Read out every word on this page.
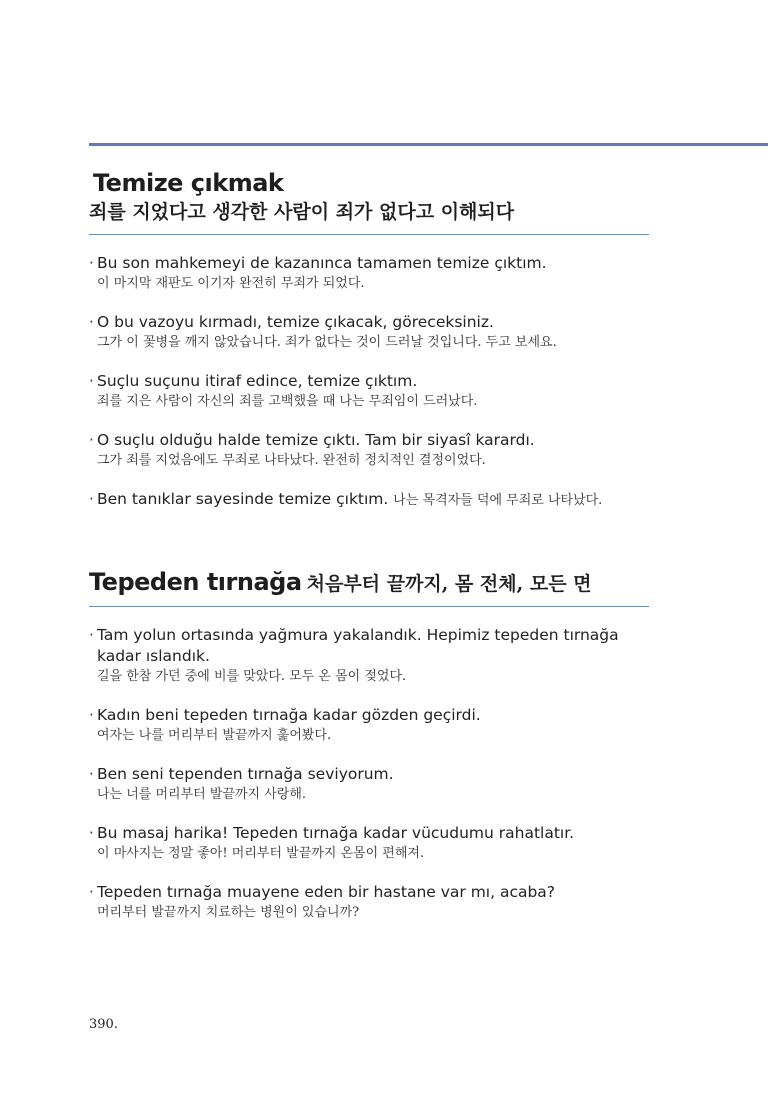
Temize çıkmak
죄를 지었다고 생각한 사람이 죄가 없다고 이해되다
· Bu son mahkemeyi de kazanınca tamamen temize çıktım.
이 마지막 재판도 이기자 완전히 무죄가 되었다.
· O bu vazoyu kırmadı, temize çıkacak, göreceksiniz.
그가 이 꽃병을 깨지 않았습니다. 죄가 없다는 것이 드러날 것입니다. 두고 보세요.
· Suçlu suçunu itiraf edince, temize çıktım.
죄를 지은 사람이 자신의 죄를 고백했을 때 나는 무죄임이 드러났다.
· O suçlu olduğu halde temize çıktı. Tam bir siyasî karardı.
그가 죄를 지었음에도 무죄로 나타났다. 완전히 정치적인 결정이었다.
· Ben tanıklar sayesinde temize çıktım. 나는 목격자들 덕에 무죄로 나타났다.
Tepeden tırnağa 처음부터 끝까지, 몸 전체, 모든 면
· Tam yolun ortasında yağmura yakalandık. Hepimiz tepeden tırnağa kadar ıslandık.
길을 한참 가던 중에 비를 맞았다. 모두 온 몸이 젖었다.
· Kadın beni tepeden tırnağa kadar gözden geçirdi.
여자는 나를 머리부터 발끝까지 훑어봤다.
· Ben seni tependen tırnağa seviyorum.
나는 너를 머리부터 발끝까지 사랑해.
· Bu masaj harika! Tepeden tırnağa kadar vücudumu rahatlatır.
이 마사지는 정말 좋아! 머리부터 발끝까지 온몸이 편해져.
· Tepeden tırnağa muayene eden bir hastane var mı, acaba?
머리부터 발끝까지 치료하는 병원이 있습니까?
390.
